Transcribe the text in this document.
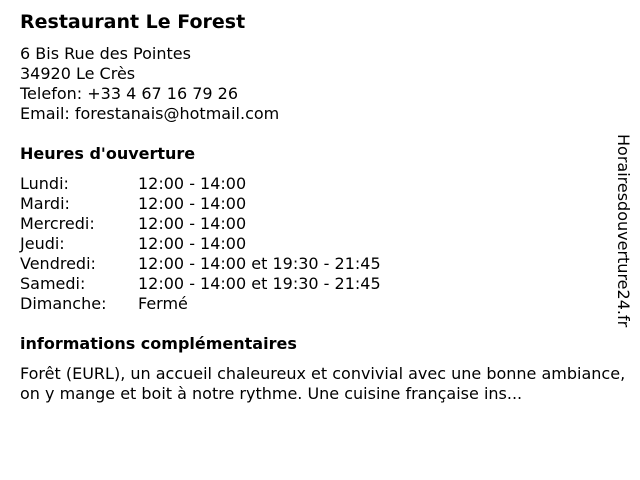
Restaurant Le Forest
6 Bis Rue des Pointes
34920 Le Crès
Telefon: +33 4 67 16 79 26
Email: forestanais@hotmail.com
Heures d'ouverture
Lundi:	12:00 - 14:00
Mardi:	12:00 - 14:00
Mercredi:	12:00 - 14:00
Jeudi:	12:00 - 14:00
Vendredi:	12:00 - 14:00 et 19:30 - 21:45
Samedi:	12:00 - 14:00 et 19:30 - 21:45
Dimanche:	Fermé
informations complémentaires
Forêt (EURL), un accueil chaleureux et convivial avec une bonne ambiance, on y mange et boit à notre rythme. Une cuisine française ins...
Horairesdouverture24.fr
